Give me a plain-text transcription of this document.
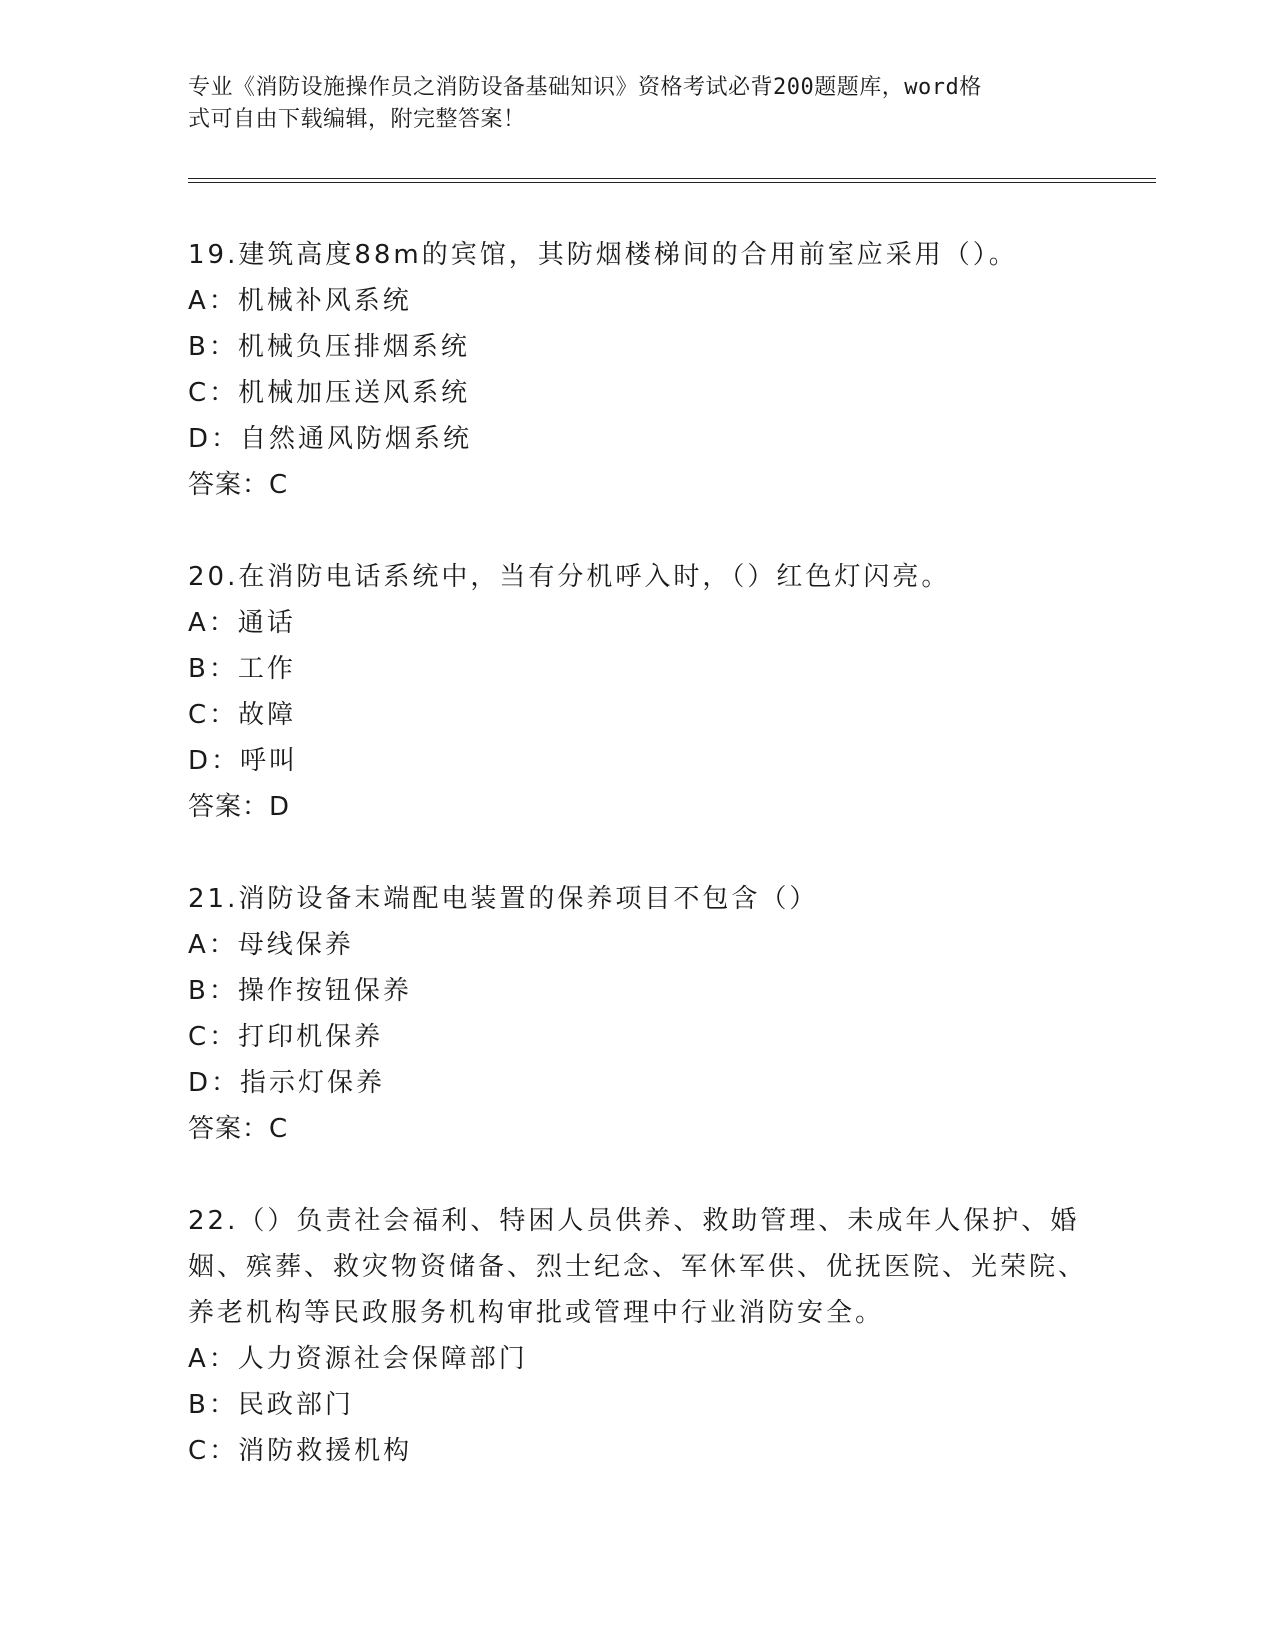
专业《消防设施操作员之消防设备基础知识》资格考试必背200题题库，word格
式可自由下载编辑，附完整答案！
19.建筑高度88m的宾馆，其防烟楼梯间的合用前室应采用（）。
A：机械补风系统
B：机械负压排烟系统
C：机械加压送风系统
D：自然通风防烟系统
答案：C
20.在消防电话系统中，当有分机呼入时，（）红色灯闪亮。
A：通话
B：工作
C：故障
D：呼叫
答案：D
21.消防设备末端配电装置的保养项目不包含（）
A：母线保养
B：操作按钮保养
C：打印机保养
D：指示灯保养
答案：C
22.（）负责社会福利、特困人员供养、救助管理、未成年人保护、婚姻、殡葬、救灾物资储备、烈士纪念、军休军供、优抚医院、光荣院、养老机构等民政服务机构审批或管理中行业消防安全。
A：人力资源社会保障部门
B：民政部门
C：消防救援机构
